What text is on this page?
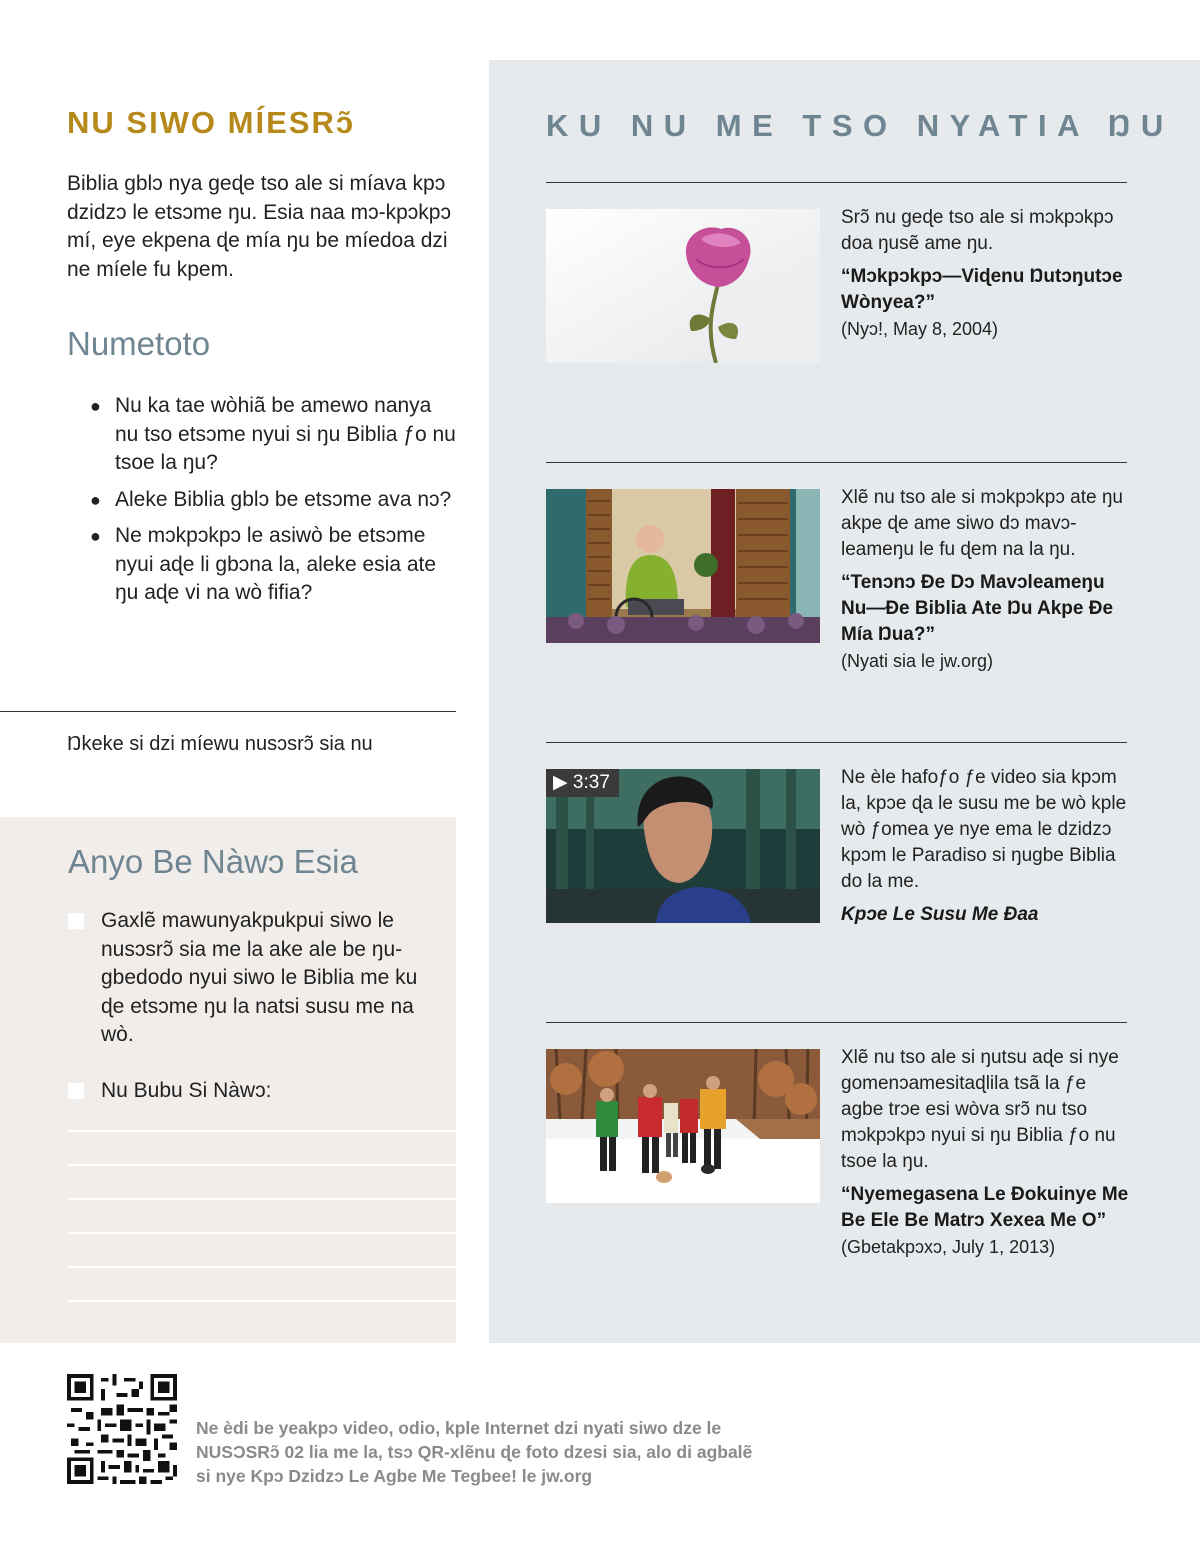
NU SIWO MÍESRɔ̃

Biblia gblɔ nya geɖe tso ale si míava kpɔ dzidzɔ le etsɔme ŋu. Esia naa mɔ-kpɔkpɔ mí, eye ekpena ɖe mía ŋu be míedoa dzi ne míele fu kpem.

Numetoto
● Nu ka tae wòhiã be amewo nanya nu tso etsɔme nyui si ŋu Biblia ƒo nu tsoe la ŋu?
● Aleke Biblia gblɔ be etsɔme ava nɔ?
● Ne mɔkpɔkpɔ le asiwò be etsɔme nyui aɖe li gbɔna la, aleke esia ate ŋu aɖe vi na wò fifia?
Ŋkeke si dzi míewu nusɔsrɔ̃ sia nu
Anyo Be Nàwɔ Esia
Gaxlẽ mawunyakpukpui siwo le nusɔsrɔ̃ sia me la ake ale be ŋu-gbedodo nyui siwo le Biblia me ku ɖe etsɔme ŋu la natsi susu me na wò.
Nu Bubu Si Nàwɔ:
KU NU ME TSO NYATIA ŊU
Srɔ̃ nu geɖe tso ale si mɔkpɔkpɔ doa ŋusẽ ame ŋu.
“Mɔkpɔkpɔ—Viɖenu Ŋutɔŋutɔe Wònyea?”
(Nyɔ!, May 8, 2004)
Xlẽ nu tso ale si mɔkpɔkpɔ ate ŋu akpe ɖe ame siwo dɔ mavɔ-leameŋu le fu ɖem na la ŋu.
“Tenɔnɔ Ðe Dɔ Mavɔleameŋu Nu—Ðe Biblia Ate Ŋu Akpe Ðe Mía Ŋua?”
(Nyati sia le jw.org)
▶ 3:37	Ne èle hafoƒo ƒe video sia kpɔm la, kpɔe ɖa le susu me be wò kple wò ƒomea ye nye ema le dzidzɔ kpɔm le Paradiso si ŋugbe Biblia do la me.
Kpɔe Le Susu Me Ðaa
Xlẽ nu tso ale si ŋutsu aɖe si nye gomenɔamesitaɖlila tsã la ƒe agbe trɔe esi wòva srɔ̃ nu tso mɔkpɔkpɔ nyui si ŋu Biblia ƒo nu tsoe la ŋu.
“Nyemegasena Le Ðokuinye Me Be Ele Be Matrɔ Xexea Me O”
(Gbetakpɔxɔ, July 1, 2013)

Ne èdi be yeakpɔ video, odio, kple Internet dzi nyati siwo dze le NUSƆSRɔ̃ 02 lia me la, tsɔ QR-xlẽnu ɖe foto dzesi sia, alo di agbalẽ si nye Kpɔ Dzidzɔ Le Agbe Me Tegbee! le jw.org
